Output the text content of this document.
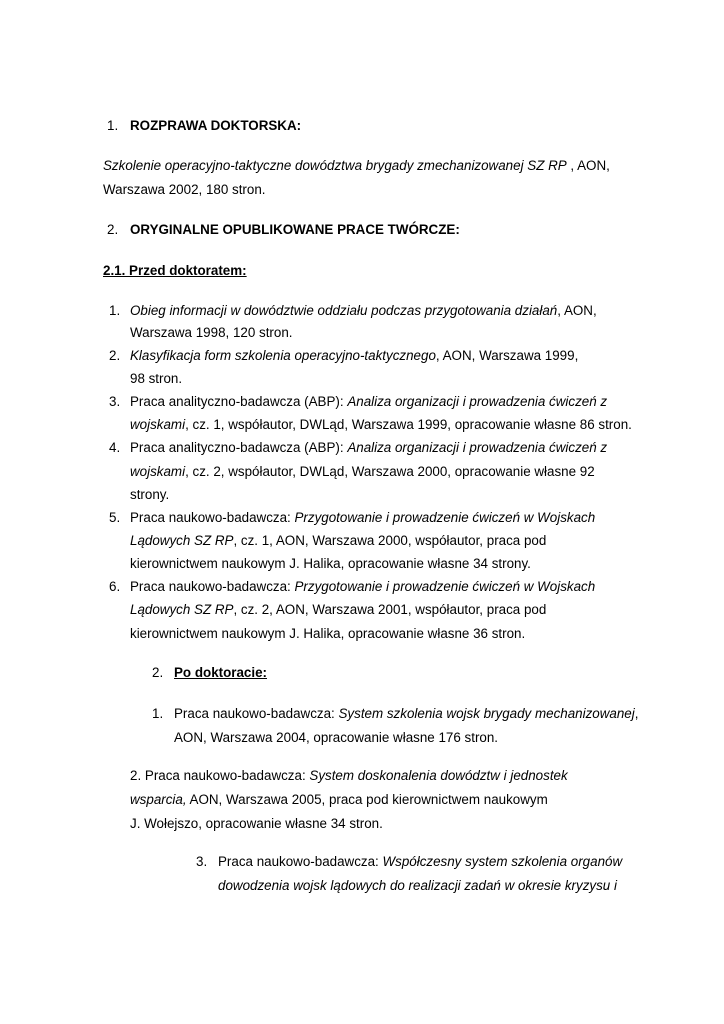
1. ROZPRAWA DOKTORSKA:
Szkolenie operacyjno-taktyczne dowództwa brygady zmechanizowanej SZ RP , AON,
Warszawa 2002, 180 stron.
2. ORYGINALNE OPUBLIKOWANE PRACE TWÓRCZE:
2.1. Przed doktoratem:
1. Obieg informacji w dowództwie oddziału podczas przygotowania działań, AON,
Warszawa 1998, 120 stron.
2. Klasyfikacja form szkolenia operacyjno-taktycznego, AON, Warszawa 1999,
98 stron.
3. Praca analityczno-badawcza (ABP): Analiza organizacji i prowadzenia ćwiczeń z
wojskami, cz. 1, współautor, DWLąd, Warszawa 1999, opracowanie własne 86 stron.
4. Praca analityczno-badawcza (ABP): Analiza organizacji i prowadzenia ćwiczeń z
wojskami, cz. 2, współautor, DWLąd, Warszawa 2000, opracowanie własne 92
strony.
5. Praca naukowo-badawcza: Przygotowanie i prowadzenie ćwiczeń w Wojskach
Lądowych SZ RP, cz. 1, AON, Warszawa 2000, współautor, praca pod
kierownictwem naukowym J. Halika, opracowanie własne 34 strony.
6. Praca naukowo-badawcza: Przygotowanie i prowadzenie ćwiczeń w Wojskach
Lądowych SZ RP, cz. 2, AON, Warszawa 2001, współautor, praca pod
kierownictwem naukowym J. Halika, opracowanie własne 36 stron.
2. Po doktoracie:
1. Praca naukowo-badawcza: System szkolenia wojsk brygady mechanizowanej,
AON, Warszawa 2004, opracowanie własne 176 stron.
2. Praca naukowo-badawcza: System doskonalenia dowództw i jednostek
wsparcia, AON, Warszawa 2005, praca pod kierownictwem naukowym
J. Wołejszo, opracowanie własne 34 stron.
3. Praca naukowo-badawcza: Współczesny system szkolenia organów
dowodzenia wojsk lądowych do realizacji zadań w okresie kryzysu i
